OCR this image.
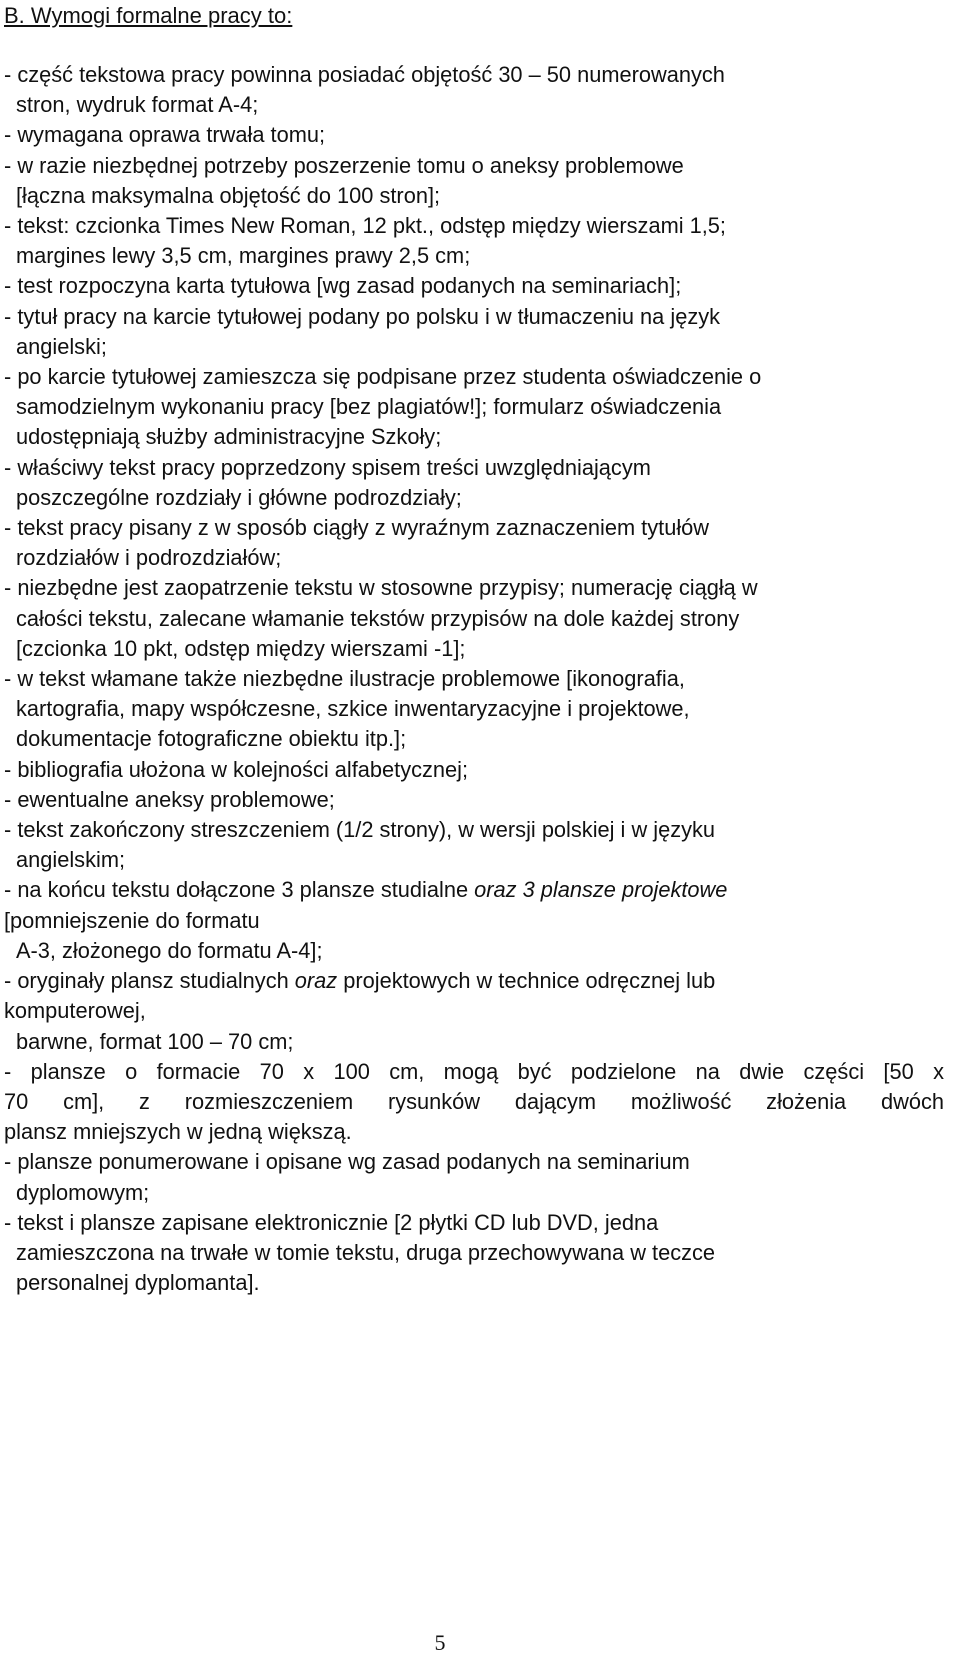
B. Wymogi formalne pracy to:

- część tekstowa pracy powinna posiadać objętość 30 – 50 numerowanych
stron, wydruk format A-4;

- wymagana oprawa trwała tomu;

- w razie niezbędnej potrzeby poszerzenie tomu o aneksy problemowe
[łączna maksymalna objętość do 100 stron];

- tekst: czcionka Times New Roman, 12 pkt., odstęp między wierszami 1,5;
margines lewy 3,5 cm, margines prawy 2,5 cm;

- test rozpoczyna karta tytułowa [wg zasad podanych na seminariach];

- tytuł pracy na karcie tytułowej podany po polsku i w tłumaczeniu na język
angielski;

- po karcie tytułowej zamieszcza się podpisane przez studenta oświadczenie o
samodzielnym wykonaniu pracy [bez plagiatów!]; formularz oświadczenia
udostępniają służby administracyjne Szkoły;

- właściwy tekst pracy poprzedzony spisem treści uwzględniającym
poszczególne rozdziały i główne podrozdziały;

- tekst pracy pisany z w sposób ciągły z wyraźnym zaznaczeniem tytułów
rozdziałów i podrozdziałów;

- niezbędne jest zaopatrzenie tekstu w stosowne przypisy; numerację ciągłą w
całości tekstu, zalecane włamanie tekstów przypisów na dole każdej strony
[czcionka 10 pkt, odstęp między wierszami -1];

- w tekst włamane także niezbędne ilustracje problemowe [ikonografia,
kartografia, mapy współczesne, szkice inwentaryzacyjne i projektowe,
dokumentacje fotograficzne obiektu itp.];

- bibliografia ułożona w kolejności alfabetycznej;

- ewentualne aneksy problemowe;

- tekst zakończony streszczeniem (1/2 strony), w wersji polskiej i w języku
angielskim;

- na końcu tekstu dołączone 3 plansze studialne oraz 3 plansze projektowe
[pomniejszenie do formatu
A-3, złożonego do formatu A-4];

- oryginały plansz studialnych oraz projektowych w technice odręcznej lub
komputerowej,
barwne, format 100 – 70 cm;

- plansze o formacie 70 x 100 cm, mogą być podzielone na dwie części [50 x
70 cm], z rozmieszczeniem rysunków dającym możliwość złożenia dwóch
plansz mniejszych w jedną większą.

- plansze ponumerowane i opisane wg zasad podanych na seminarium
dyplomowym;

- tekst i plansze zapisane elektronicznie [2 płytki CD lub DVD, jedna
zamieszczona na trwałe w tomie tekstu, druga przechowywana w teczce
personalnej dyplomanta].

5
